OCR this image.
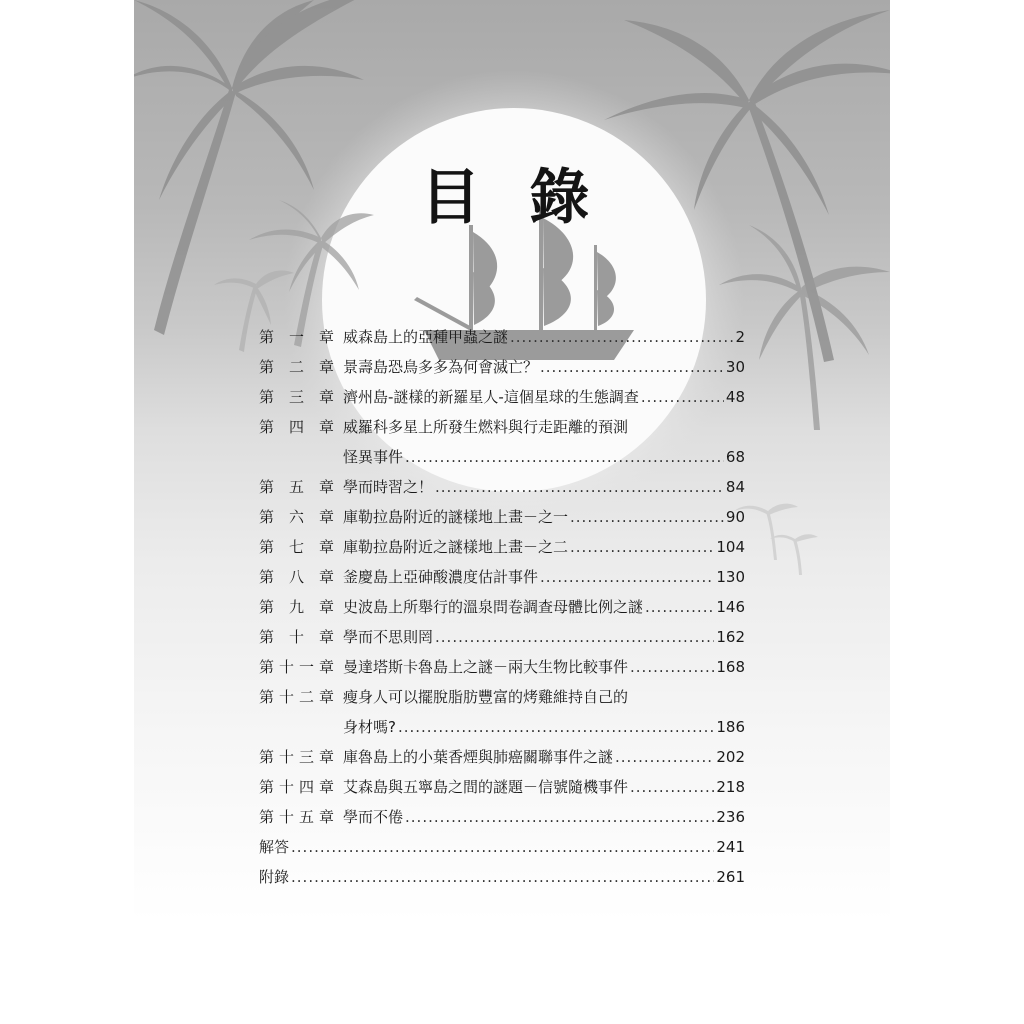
目 錄
第 一 章 威森島上的亞種甲蟲之謎 .....	2
第 二 章 景壽島恐鳥多多為何會滅亡？ .....	30
第 三 章 濟州島-謎樣的新羅星人-這個星球的生態調查 .....	48
第 四 章 威羅科多星上所發生燃料與行走距離的預測
怪異事件 .....	68
第 五 章 學而時習之！ .....	84
第 六 章 庫勒拉島附近的謎樣地上畫－之一 .....	90
第 七 章 庫勒拉島附近之謎樣地上畫－之二 .....	104
第 八 章 釜慶島上亞砷酸濃度估計事件 .....	130
第 九 章 史波島上所舉行的溫泉問卷調查母體比例之謎 .....	146
第 十 章 學而不思則罔 .....	162
第 十 一 章 曼達塔斯卡魯島上之謎－兩大生物比較事件 .....	168
第 十 二 章 瘦身人可以擺脫脂肪豐富的烤雞維持自己的
身材嗎? .....	186
第 十 三 章 庫魯島上的小葉香煙與肺癌關聯事件之謎 .....	202
第 十 四 章 艾森島與五寧島之間的謎題－信號隨機事件 .....	218
第 十 五 章 學而不倦 .....	236
解答 .....	241
附錄 .....	261
